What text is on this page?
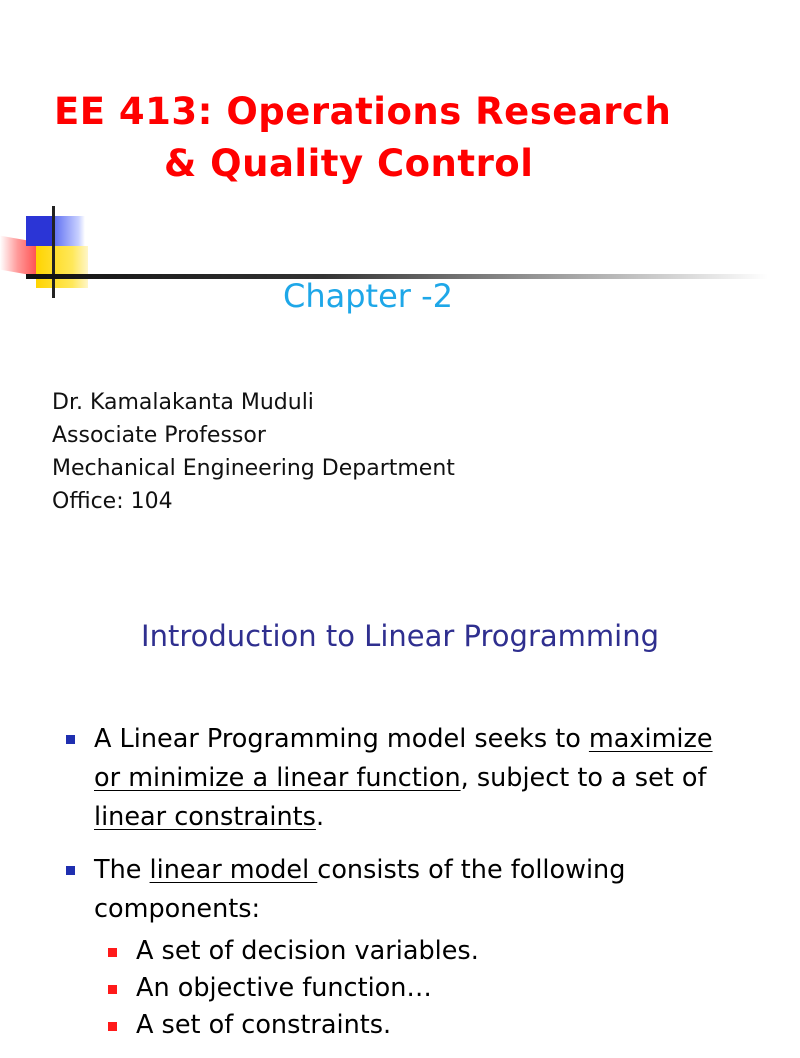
EE 413: Operations Research
& Quality Control
Chapter -2
Dr. Kamalakanta Muduli
Associate Professor
Mechanical Engineering Department
Office: 104
Introduction to Linear Programming
A Linear Programming model seeks to maximize or minimize a linear function, subject to a set of linear constraints.
The linear model consists of the following components:
A set of decision variables.
An objective function…
A set of constraints.
